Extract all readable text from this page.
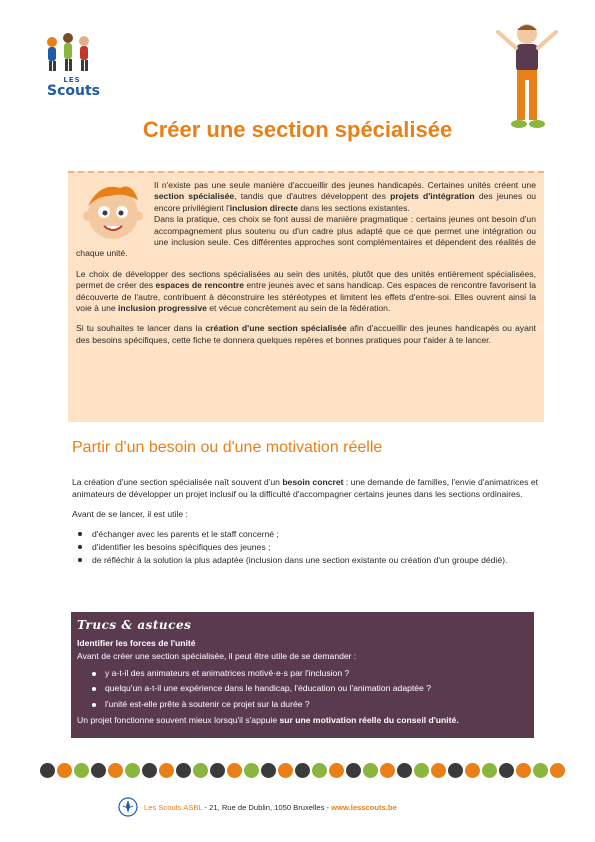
LES
Scouts
Créer une section spécialisée

Il n'existe pas une seule manière d'accueillir des jeunes handicapés. Certaines unités créent une section spécialisée, tandis que d'autres développent des projets d'intégration des jeunes ou encore privilégient l'inclusion directe dans les sections existantes.
Dans la pratique, ces choix se font aussi de manière pragmatique : certains jeunes ont besoin d'un accompagnement plus soutenu ou d'un cadre plus adapté que ce que permet une intégration ou une inclusion seule. Ces différentes approches sont complémentaires et dépendent des réalités de chaque unité.

Le choix de développer des sections spécialisées au sein des unités, plutôt que des unités entièrement spécialisées, permet de créer des espaces de rencontre entre jeunes avec et sans handicap. Ces espaces de rencontre favorisent la découverte de l'autre, contribuent à déconstruire les stéréotypes et limitent les effets d'entre-soi. Elles ouvrent ainsi la voie à une inclusion progressive et vécue concrètement au sein de la fédération.

Si tu souhaites te lancer dans la création d'une section spécialisée afin d'accueillir des jeunes handicapés ou ayant des besoins spécifiques, cette fiche te donnera quelques repères et bonnes pratiques pour t'aider à te lancer.

Partir d'un besoin ou d'une motivation réelle

La création d'une section spécialisée naît souvent d'un besoin concret : une demande de familles, l'envie d'animatrices et animateurs de développer un projet inclusif ou la difficulté d'accompagner certains jeunes dans les sections ordinaires.

Avant de se lancer, il est utile :

d'échanger avec les parents et le staff concerné ;
d'identifier les besoins spécifiques des jeunes ;
de réfléchir à la solution la plus adaptée (inclusion dans une section existante ou création d'un groupe dédié).
Trucs & astuces
Identifier les forces de l'unité
Avant de créer une section spécialisée, il peut être utile de se demander :
y a-t-il des animateurs et animatrices motivé·e·s par l'inclusion ?
quelqu'un a-t-il une expérience dans le handicap, l'éducation ou l'animation adaptée ?
l'unité est-elle prête à soutenir ce projet sur la durée ?
Un projet fonctionne souvent mieux lorsqu'il s'appuie sur une motivation réelle du conseil d'unité.
Les Scouts ASBL - 21, Rue de Dublin, 1050 Bruxelles - www.lesscouts.be
